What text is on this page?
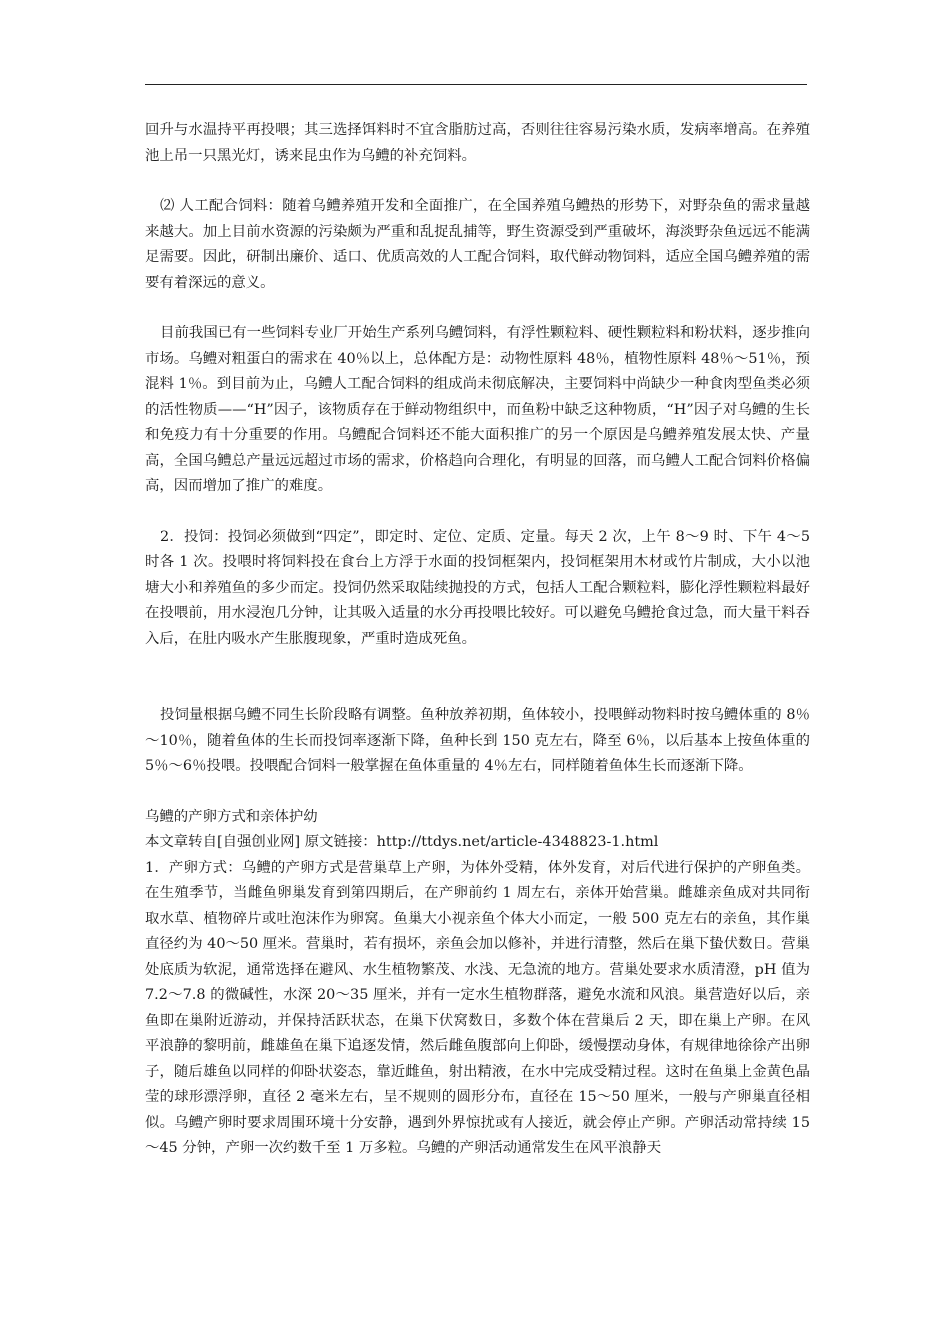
回升与水温持平再投喂；其三选择饵料时不宜含脂肪过高，否则往往容易污染水质，发病率增高。在养殖池上吊一只黑光灯，诱来昆虫作为乌鳢的补充饲料。

⑵ 人工配合饲料：随着乌鳢养殖开发和全面推广，在全国养殖乌鳢热的形势下，对野杂鱼的需求量越来越大。加上目前水资源的污染颇为严重和乱捉乱捕等，野生资源受到严重破坏，海淡野杂鱼远远不能满足需要。因此，研制出廉价、适口、优质高效的人工配合饲料，取代鲜动物饲料，适应全国乌鳢养殖的需要有着深远的意义。

目前我国已有一些饲料专业厂开始生产系列乌鳢饲料，有浮性颗粒料、硬性颗粒料和粉状料，逐步推向市场。乌鳢对粗蛋白的需求在 40％以上，总体配方是：动物性原料 48％，植物性原料 48％～51％，预混料 1％。到目前为止，乌鳢人工配合饲料的组成尚未彻底解决，主要饲料中尚缺少一种食肉型鱼类必须的活性物质——“H”因子，该物质存在于鲜动物组织中，而鱼粉中缺乏这种物质，“H”因子对乌鳢的生长和免疫力有十分重要的作用。乌鳢配合饲料还不能大面积推广的另一个原因是乌鳢养殖发展太快、产量高，全国乌鳢总产量远远超过市场的需求，价格趋向合理化，有明显的回落，而乌鳢人工配合饲料价格偏高，因而增加了推广的难度。

2．投饲：投饲必须做到“四定”，即定时、定位、定质、定量。每天 2 次，上午 8～9 时、下午 4～5 时各 1 次。投喂时将饲料投在食台上方浮于水面的投饲框架内，投饲框架用木材或竹片制成，大小以池塘大小和养殖鱼的多少而定。投饲仍然采取陆续抛投的方式，包括人工配合颗粒料，膨化浮性颗粒料最好在投喂前，用水浸泡几分钟，让其吸入适量的水分再投喂比较好。可以避免乌鳢抢食过急，而大量干料吞入后，在肚内吸水产生胀腹现象，严重时造成死鱼。

投饲量根据乌鳢不同生长阶段略有调整。鱼种放养初期，鱼体较小，投喂鲜动物料时按乌鳢体重的 8％～10％，随着鱼体的生长而投饲率逐渐下降，鱼种长到 150 克左右，降至 6％，以后基本上按鱼体重的 5％～6％投喂。投喂配合饲料一般掌握在鱼体重量的 4％左右，同样随着鱼体生长而逐渐下降。

乌鳢的产卵方式和亲体护幼

本文章转自[自强创业网] 原文链接：http://ttdys.net/article-4348823-1.html

1．产卵方式：乌鳢的产卵方式是营巢草上产卵，为体外受精，体外发育，对后代进行保护的产卵鱼类。在生殖季节，当雌鱼卵巢发育到第四期后，在产卵前约 1 周左右，亲体开始营巢。雌雄亲鱼成对共同衔取水草、植物碎片或吐泡沫作为卵窝。鱼巢大小视亲鱼个体大小而定，一般 500 克左右的亲鱼，其作巢直径约为 40～50 厘米。营巢时，若有损坏，亲鱼会加以修补，并进行清整，然后在巢下蛰伏数日。营巢处底质为软泥，通常选择在避风、水生植物繁茂、水浅、无急流的地方。营巢处要求水质清澄，pH 值为 7.2～7.8 的微碱性，水深 20～35 厘米，并有一定水生植物群落，避免水流和风浪。巢营造好以后，亲鱼即在巢附近游动，并保持活跃状态，在巢下伏窝数日，多数个体在营巢后 2 天，即在巢上产卵。在风平浪静的黎明前，雌雄鱼在巢下追逐发情，然后雌鱼腹部向上仰卧，缓慢摆动身体，有规律地徐徐产出卵子，随后雄鱼以同样的仰卧状姿态，靠近雌鱼，射出精液，在水中完成受精过程。这时在鱼巢上金黄色晶莹的球形漂浮卵，直径 2 毫米左右，呈不规则的圆形分布，直径在 15～50 厘米，一般与产卵巢直径相似。乌鳢产卵时要求周围环境十分安静，遇到外界惊扰或有人接近，就会停止产卵。产卵活动常持续 15～45 分钟，产卵一次约数千至 1 万多粒。乌鳢的产卵活动通常发生在风平浪静天
